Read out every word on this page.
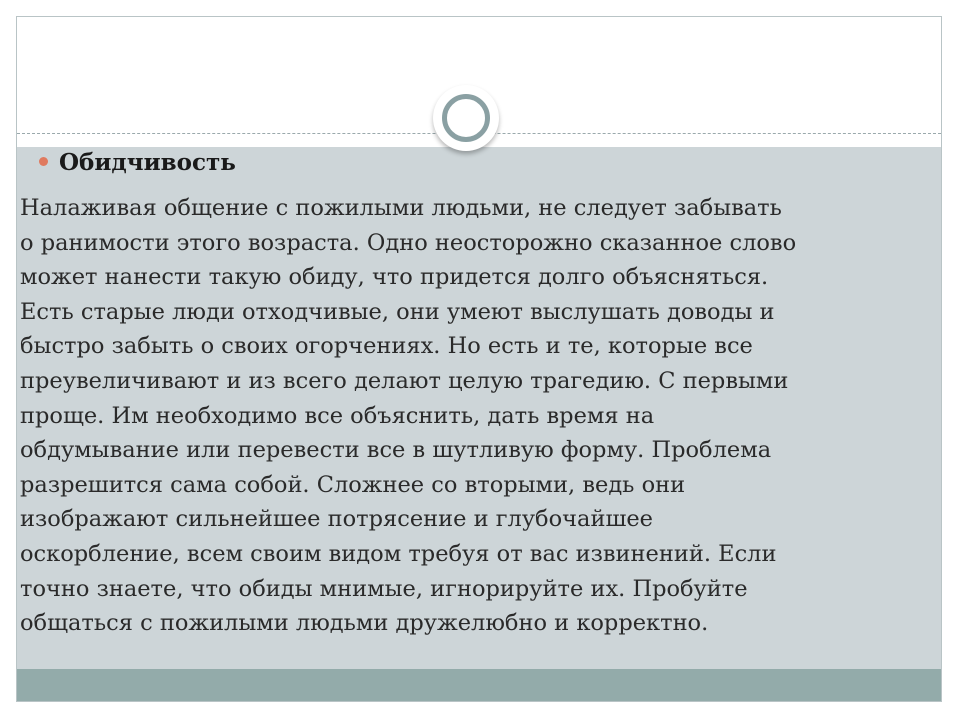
Обидчивость
Налаживая общение с пожилыми людьми, не следует забывать
о ранимости этого возраста. Одно неосторожно сказанное слово
может нанести такую обиду, что придется долго объясняться.
Есть старые люди отходчивые, они умеют выслушать доводы и
быстро забыть о своих огорчениях. Но есть и те, которые все
преувеличивают и из всего делают целую трагедию. С первыми
проще. Им необходимо все объяснить, дать время на
обдумывание или перевести все в шутливую форму. Проблема
разрешится сама собой. Сложнее со вторыми, ведь они
изображают сильнейшее потрясение и глубочайшее
оскорбление, всем своим видом требуя от вас извинений. Если
точно знаете, что обиды мнимые, игнорируйте их. Пробуйте
общаться с пожилыми людьми дружелюбно и корректно.
